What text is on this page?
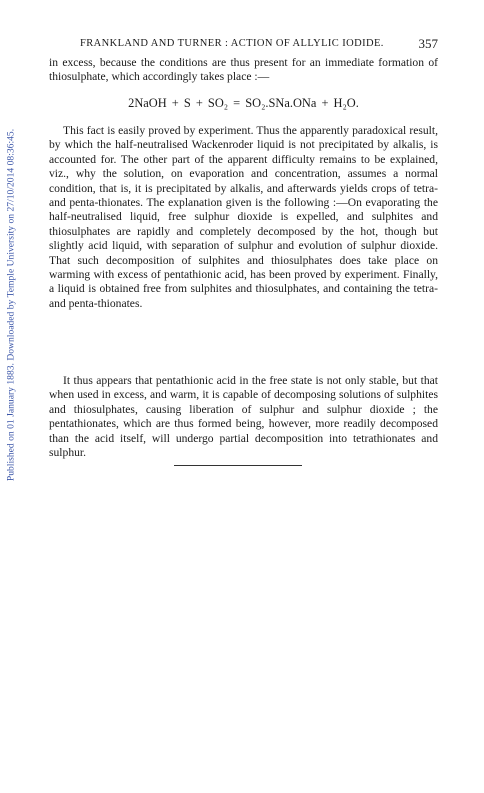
Published on 01 January 1883. Downloaded by Temple University on 27/10/2014 08:36:45.
FRANKLAND AND TURNER : ACTION OF ALLYLIC IODIDE.	357
in excess, because the conditions are thus present for an immediate formation of thiosulphate, which accordingly takes place :—
2NaOH + S + SO₂ = SO₂.SNa.ONa + H₂O.
This fact is easily proved by experiment. Thus the apparently paradoxical result, by which the half-neutralised Wackenroder liquid is not precipitated by alkalis, is accounted for. The other part of the apparent difficulty remains to be explained, viz., why the solution, on evaporation and concentration, assumes a normal condition, that is, it is precipitated by alkalis, and afterwards yields crops of tetra- and penta-thionates. The explanation given is the following :—On evaporating the half-neutralised liquid, free sulphur dioxide is expelled, and sulphites and thiosulphates are rapidly and completely decomposed by the hot, though but slightly acid liquid, with separation of sulphur and evolution of sulphur dioxide. That such decomposition of sulphites and thiosulphates does take place on warming with excess of pentathionic acid, has been proved by experiment. Finally, a liquid is obtained free from sulphites and thiosulphates, and containing the tetra- and penta-thionates.
It thus appears that pentathionic acid in the free state is not only stable, but that when used in excess, and warm, it is capable of decomposing solutions of sulphites and thiosulphates, causing liberation of sulphur and sulphur dioxide ; the pentathionates, which are thus formed being, however, more readily decomposed than the acid itself, will undergo partial decomposition into tetrathionates and sulphur.
